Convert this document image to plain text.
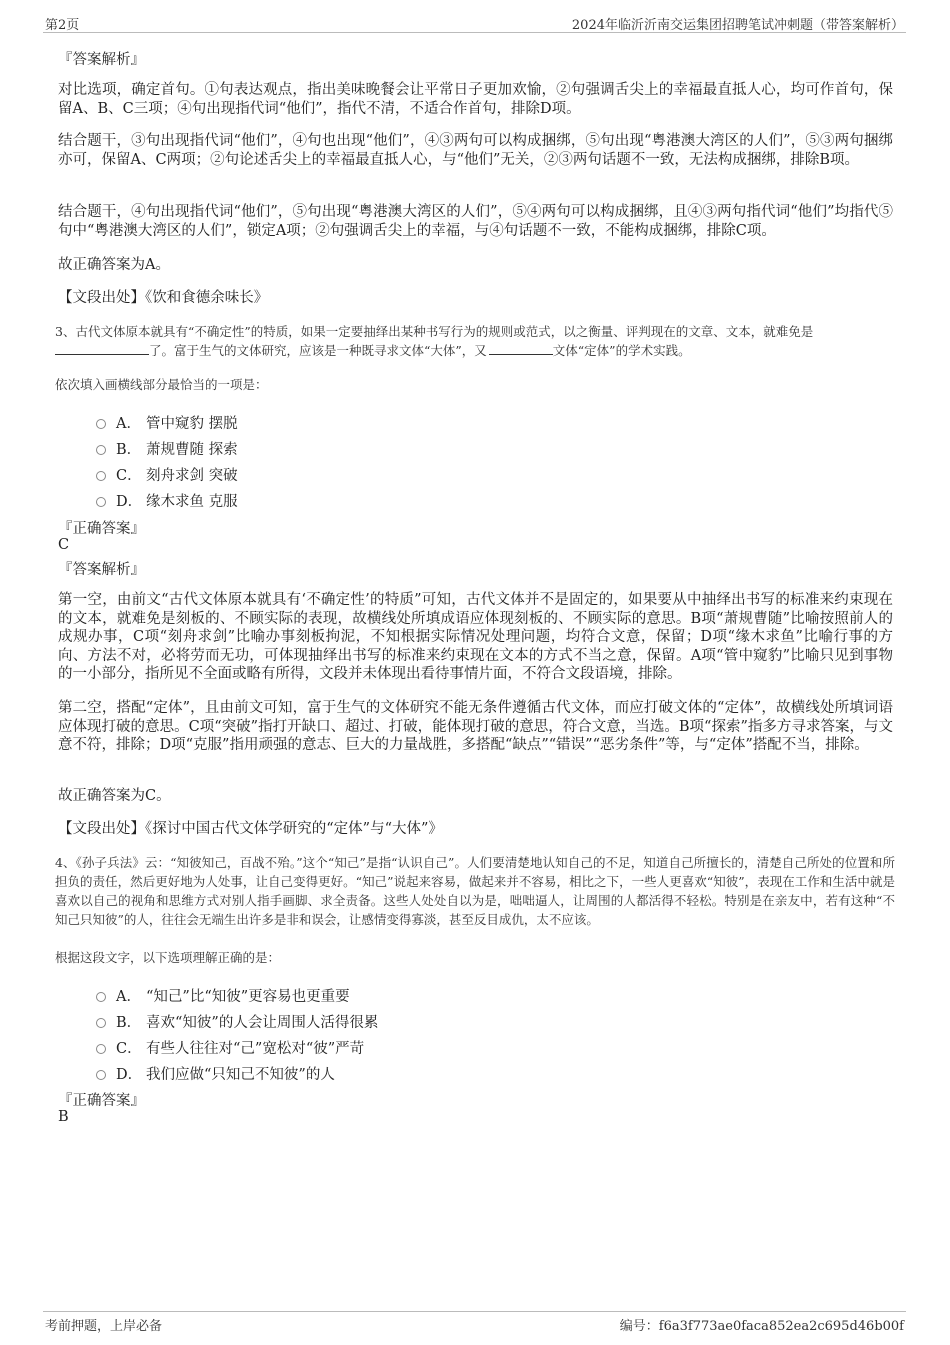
第2页	2024年临沂沂南交运集团招聘笔试冲刺题（带答案解析）
『答案解析』
对比选项，确定首句。①句表达观点，指出美味晚餐会让平常日子更加欢愉，②句强调舌尖上的幸福最直抵人心，均可作首句，保留A、B、C三项；④句出现指代词“他们”，指代不清，不适合作首句，排除D项。
结合题干，③句出现指代词“他们”，④句也出现“他们”，④③两句可以构成捆绑，⑤句出现“粤港澳大湾区的人们”，⑤③两句捆绑亦可，保留A、C两项；②句论述舌尖上的幸福最直抵人心，与“他们”无关，②③两句话题不一致，无法构成捆绑，排除B项。
结合题干，④句出现指代词“他们”，⑤句出现“粤港澳大湾区的人们”，⑤④两句可以构成捆绑，且④③两句指代词“他们”均指代⑤句中“粤港澳大湾区的人们”，锁定A项；②句强调舌尖上的幸福，与④句话题不一致，不能构成捆绑，排除C项。
故正确答案为A。
【文段出处】《饮和食德余味长》
3、古代文体原本就具有“不确定性”的特质，如果一定要抽绎出某种书写行为的规则或范式，以之衡量、评判现在的文章、文本，就难免是
了。富于生气的文体研究，应该是一种既寻求文体“大体”，又	文体“定体”的学术实践。
依次填入画横线部分最恰当的一项是：
A． 管中窥豹 摆脱
B． 萧规曹随 探索
C． 刻舟求剑 突破
D． 缘木求鱼 克服
『正确答案』
C
『答案解析』
第一空，由前文“古代文体原本就具有‘不确定性’的特质”可知，古代文体并不是固定的，如果要从中抽绎出书写的标准来约束现在的文本，就难免是刻板的、不顾实际的表现，故横线处所填成语应体现刻板的、不顾实际的意思。B项“萧规曹随”比喻按照前人的成规办事，C项“刻舟求剑”比喻办事刻板拘泥，不知根据实际情况处理问题，均符合文意，保留；D项“缘木求鱼”比喻行事的方向、方法不对，必将劳而无功，可体现抽绎出书写的标准来约束现在文本的方式不当之意，保留。A项“管中窥豹”比喻只见到事物的一小部分，指所见不全面或略有所得，文段并未体现出看待事情片面，不符合文段语境，排除。
第二空，搭配“定体”，且由前文可知，富于生气的文体研究不能无条件遵循古代文体，而应打破文体的“定体”，故横线处所填词语应体现打破的意思。C项“突破”指打开缺口、超过、打破，能体现打破的意思，符合文意，当选。B项“探索”指多方寻求答案，与文意不符，排除；D项“克服”指用顽强的意志、巨大的力量战胜，多搭配“缺点”“错误”“恶劣条件”等，与“定体”搭配不当，排除。
故正确答案为C。
【文段出处】《探讨中国古代文体学研究的“定体”与“大体”》
4、《孙子兵法》云：“知彼知己，百战不殆。”这个“知己”是指“认识自己”。人们要清楚地认知自己的不足，知道自己所擅长的，清楚自己所处的位置和所担负的责任，然后更好地为人处事，让自己变得更好。“知己”说起来容易，做起来并不容易，相比之下，一些人更喜欢“知彼”，表现在工作和生活中就是喜欢以自己的视角和思维方式对别人指手画脚、求全责备。这些人处处自以为是，咄咄逼人，让周围的人都活得不轻松。特别是在亲友中，若有这种“不知己只知彼”的人，往往会无端生出许多是非和误会，让感情变得寡淡，甚至反目成仇，太不应该。
根据这段文字，以下选项理解正确的是：
A． “知己”比“知彼”更容易也更重要
B． 喜欢“知彼”的人会让周围人活得很累
C． 有些人往往对“己”宽松对“彼”严苛
D． 我们应做“只知己不知彼”的人
『正确答案』
B
考前押题，上岸必备	编号：f6a3f773ae0faca852ea2c695d46b00f
